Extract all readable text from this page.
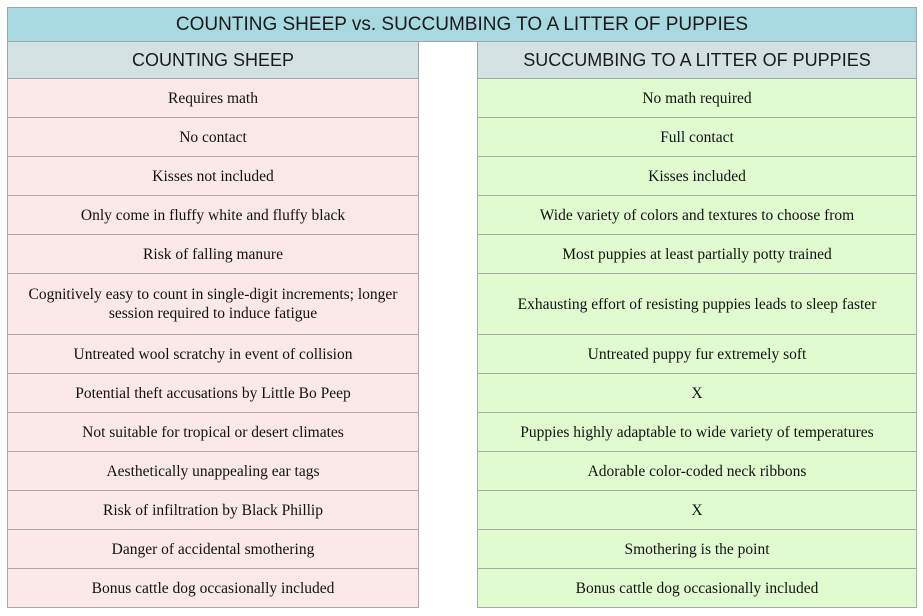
COUNTING SHEEP vs. SUCCUMBING TO A LITTER OF PUPPIES
COUNTING SHEEP
Requires math
No contact
Kisses not included
Only come in fluffy white and fluffy black
Risk of falling manure
Cognitively easy to count in single-digit increments; longer session required to induce fatigue
Untreated wool scratchy in event of collision
Potential theft accusations by Little Bo Peep
Not suitable for tropical or desert climates
Aesthetically unappealing ear tags
Risk of infiltration by Black Phillip
Danger of accidental smothering
Bonus cattle dog occasionally included
SUCCUMBING TO A LITTER OF PUPPIES
No math required
Full contact
Kisses included
Wide variety of colors and textures to choose from
Most puppies at least partially potty trained
Exhausting effort of resisting puppies leads to sleep faster
Untreated puppy fur extremely soft
X
Puppies highly adaptable to wide variety of temperatures
Adorable color-coded neck ribbons
X
Smothering is the point
Bonus cattle dog occasionally included
